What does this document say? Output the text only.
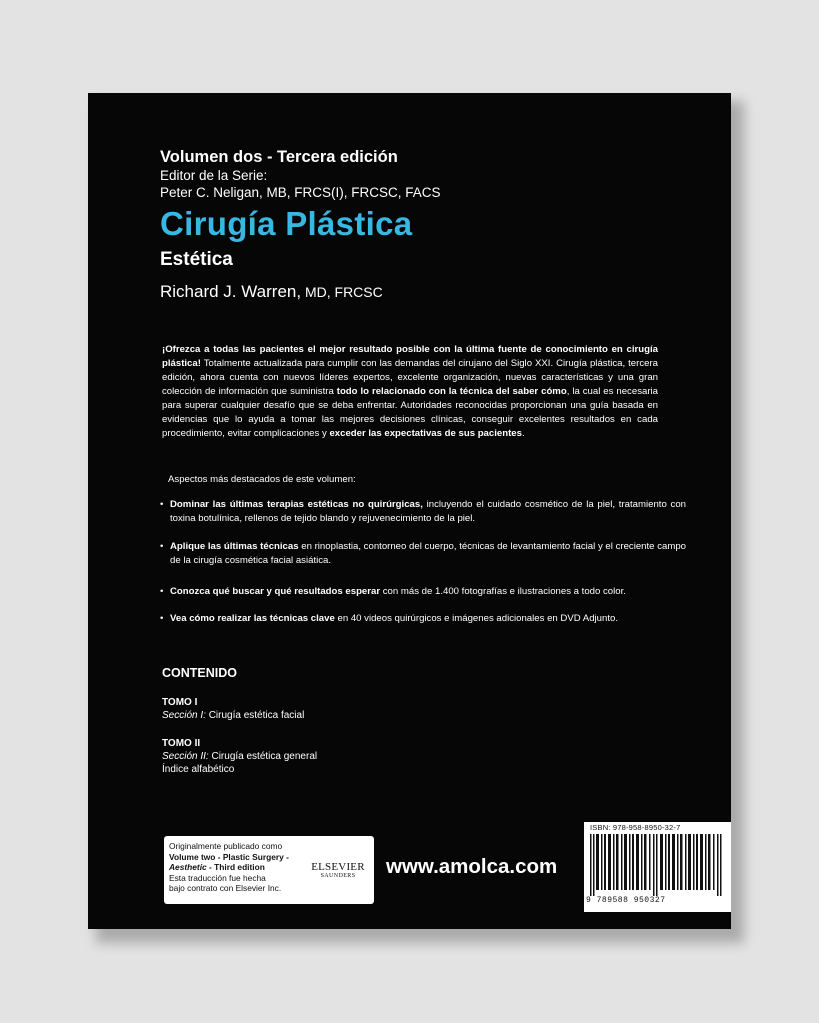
Volumen dos - Tercera edición

Editor de la Serie:

Peter C. Neligan, MB, FRCS(I), FRCSC, FACS

Cirugía Plástica

Estética

Richard J. Warren, MD, FRCSC

¡Ofrezca a todas las pacientes el mejor resultado posible con la última fuente de conocimiento en cirugía plástica! Totalmente actualizada para cumplir con las demandas del cirujano del Siglo XXI. Cirugía plástica, tercera edición, ahora cuenta con nuevos líderes expertos, excelente organización, nuevas características y una gran colección de información que suministra todo lo relacionado con la técnica del saber cómo, la cual es necesaria para superar cualquier desafío que se deba enfrentar. Autoridades reconocidas proporcionan una guía basada en evidencias que lo ayuda a tomar las mejores decisiones clínicas, conseguir excelentes resultados en cada procedimiento, evitar complicaciones y exceder las expectativas de sus pacientes.

Aspectos más destacados de este volumen:

• Dominar las últimas terapias estéticas no quirúrgicas, incluyendo el cuidado cosmético de la piel, tratamiento con toxina botulínica, rellenos de tejido blando y rejuvenecimiento de la piel.
• Aplique las últimas técnicas en rinoplastia, contorneo del cuerpo, técnicas de levantamiento facial y el creciente campo de la cirugía cosmética facial asiática.
• Conozca qué buscar y qué resultados esperar con más de 1.400 fotografías e ilustraciones a todo color.
• Vea cómo realizar las técnicas clave en 40 videos quirúrgicos e imágenes adicionales en DVD Adjunto.

CONTENIDO

TOMO I
Sección I: Cirugía estética facial
TOMO II
Sección II: Cirugía estética general
Índice alfabético
Originalmente publicado como
Volume two - Plastic Surgery -
Aesthetic - Third edition
Esta traducción fue hecha
bajo contrato con Elsevier Inc.
ELSEVIER
SAUNDERS	www.amolca.com

ISBN: 978-958-8950-32-7
9 789588 950327
